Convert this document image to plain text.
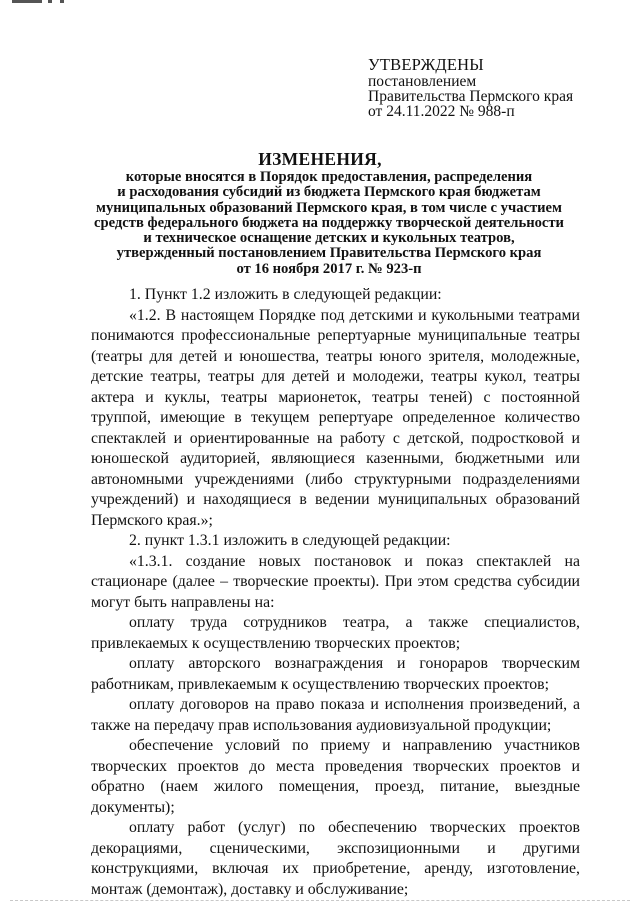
УТВЕРЖДЕНЫ
постановлением
Правительства Пермского края
от 24.11.2022 № 988-п
ИЗМЕНЕНИЯ,
которые вносятся в Порядок предоставления, распределения
и расходования субсидий из бюджета Пермского края бюджетам
муниципальных образований Пермского края, в том числе с участием
средств федерального бюджета на поддержку творческой деятельности
и техническое оснащение детских и кукольных театров,
утвержденный постановлением Правительства Пермского края
от 16 ноября 2017 г. № 923-п

1. Пункт 1.2 изложить в следующей редакции:

«1.2. В настоящем Порядке под детскими и кукольными театрами понимаются профессиональные репертуарные муниципальные театры (театры для детей и юношества, театры юного зрителя, молодежные, детские театры, театры для детей и молодежи, театры кукол, театры актера и куклы, театры марионеток, театры теней) с постоянной труппой, имеющие в текущем репертуаре определенное количество спектаклей и ориентированные на работу с детской, подростковой и юношеской аудиторией, являющиеся казенными, бюджетными или автономными учреждениями (либо структурными подразделениями учреждений) и находящиеся в ведении муниципальных образований Пермского края.»;

2. пункт 1.3.1 изложить в следующей редакции:

«1.3.1. создание новых постановок и показ спектаклей на стационаре (далее – творческие проекты). При этом средства субсидии могут быть направлены на:

оплату труда сотрудников театра, а также специалистов, привлекаемых к осуществлению творческих проектов;

оплату авторского вознаграждения и гонораров творческим работникам, привлекаемым к осуществлению творческих проектов;

оплату договоров на право показа и исполнения произведений, а также на передачу прав использования аудиовизуальной продукции;

обеспечение условий по приему и направлению участников творческих проектов до места проведения творческих проектов и обратно (наем жилого помещения, проезд, питание, выездные документы);

оплату работ (услуг) по обеспечению творческих проектов декорациями, сценическими, экспозиционными и другими конструкциями, включая их приобретение, аренду, изготовление, монтаж (демонтаж), доставку и обслуживание;
